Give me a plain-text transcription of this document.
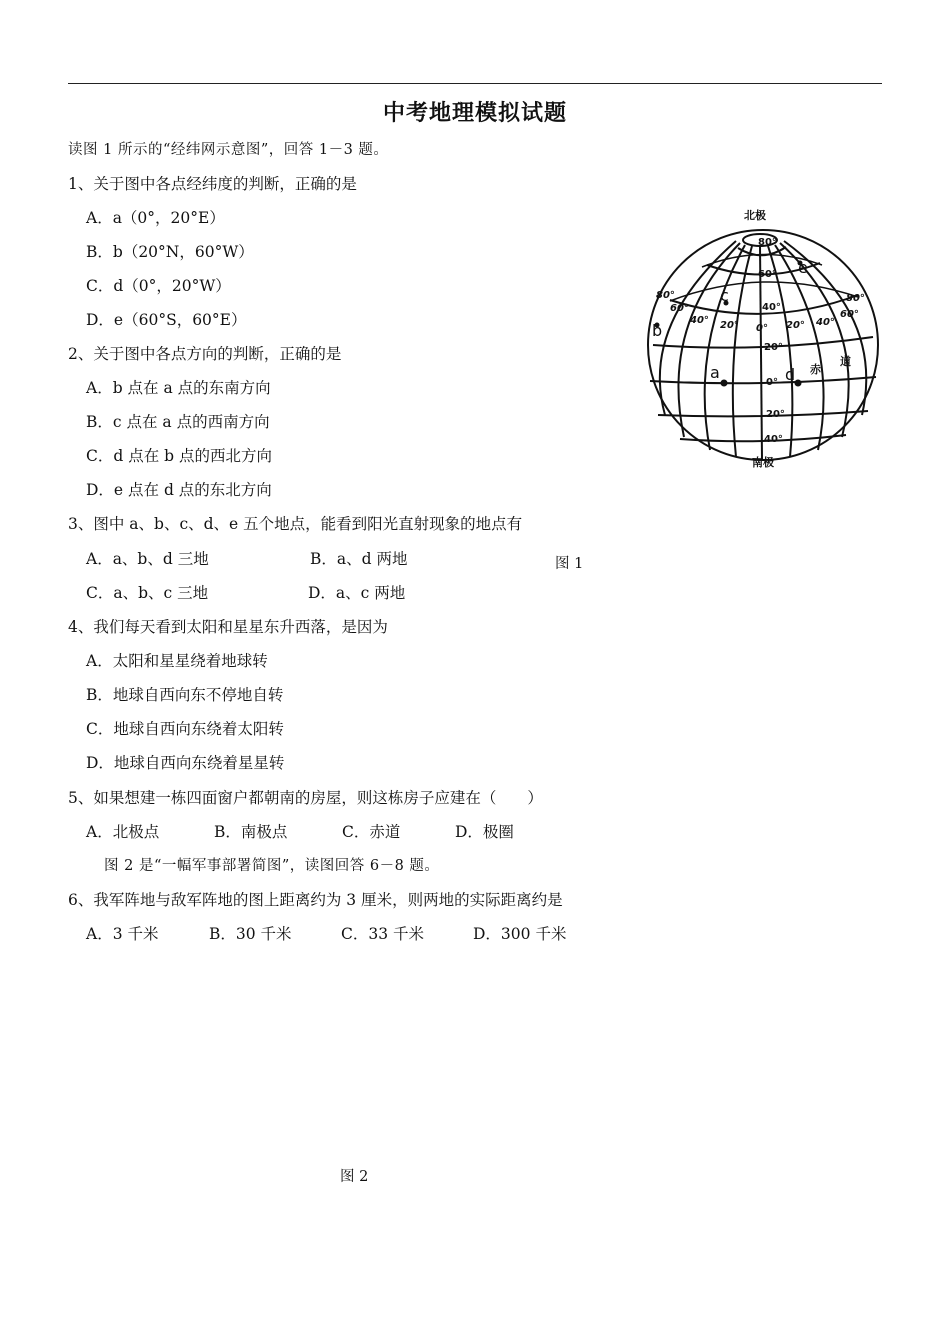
中考地理模拟试题
读图 1 所示的“经纬网示意图”，回答 1－3 题。
1、关于图中各点经纬度的判断，正确的是
A．a（0°，20°E）
B．b（20°N，60°W）
C．d（0°，20°W）
D．e（60°S，60°E）
2、关于图中各点方向的判断，正确的是
A．b 点在 a 点的东南方向
B．c 点在 a 点的西南方向
C．d 点在 b 点的西北方向
D．e 点在 d 点的东北方向
3、图中 a、b、c、d、e 五个地点，能看到阳光直射现象的地点有
A．a、b、d 三地	B．a、d 两地
C．a、b、c 三地	D．a、c 两地
4、我们每天看到太阳和星星东升西落，是因为
A．太阳和星星绕着地球转
B．地球自西向东不停地自转
C．地球自西向东绕着太阳转
D．地球自西向东绕着星星转
5、如果想建一栋四面窗户都朝南的房屋，则这栋房子应建在（　　）
A．北极点	B．南极点	C．赤道	D．极圈
图 2 是“一幅军事部署简图”，读图回答 6－8 题。
6、我军阵地与敌军阵地的图上距离约为 3 厘米，则两地的实际距离约是
A．3 千米	B．30 千米	C．33 千米	D．300 千米
图 1
图 2
北极
南极
80°
60°
40° 20° 0° 20° 40°
60°
80°
80°
60°
40°
20°
0°
20°
40°
赤
道
a
b
c
d
e
